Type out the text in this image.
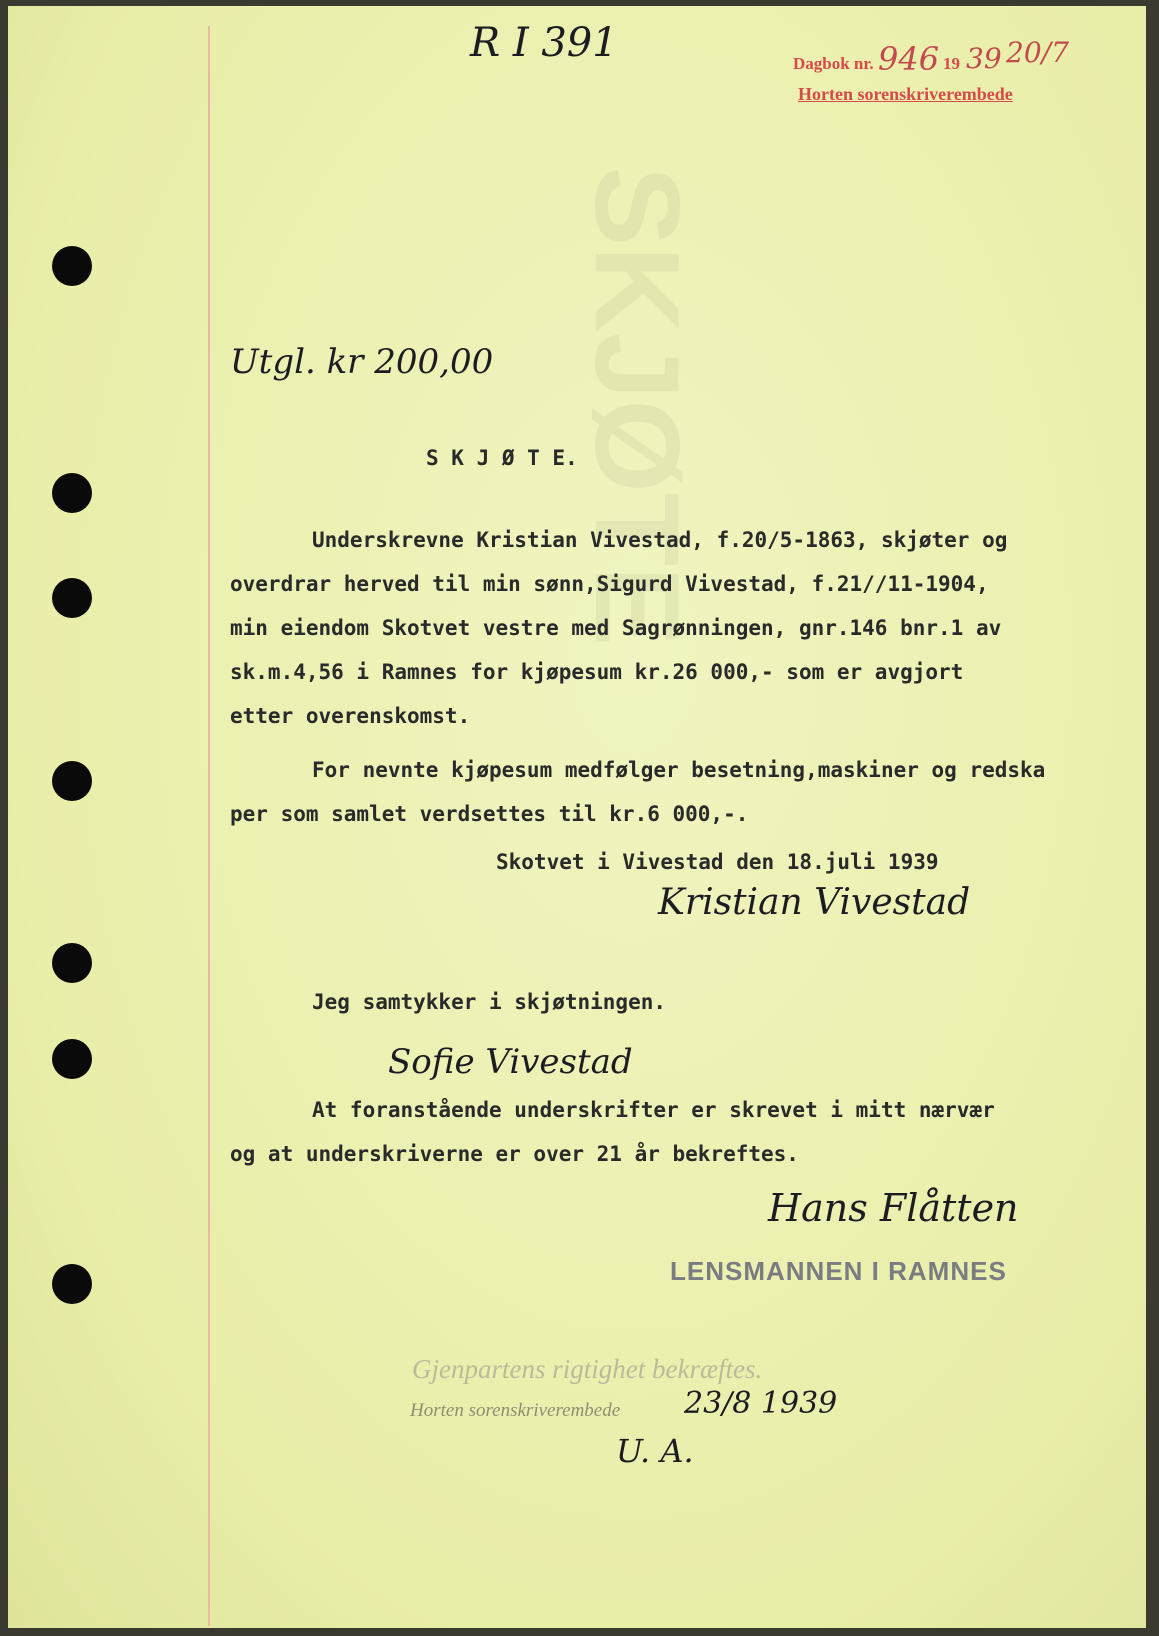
SKJØTE
R I 391	Dagbok nr. 946 19 39 20/7
Horten sorenskriverembede
Utgl. kr 200,00
S K J Ø T E.
Underskrevne Kristian Vivestad, f.20/5-1863, skjøter og
overdrar herved til min sønn,Sigurd Vivestad, f.21//11-1904,
min eiendom Skotvet vestre med Sagrønningen, gnr.146 bnr.1 av
sk.m.4,56 i Ramnes for kjøpesum kr.26 000,- som er avgjort
etter overenskomst.
For nevnte kjøpesum medfølger besetning,maskiner og redska
per som samlet verdsettes til kr.6 000,-.
Skotvet i Vivestad den 18.juli 1939
Kristian Vivestad
Jeg samtykker i skjøtningen.
Sofie Vivestad
At foranstående underskrifter er skrevet i mitt nærvær
og at underskriverne er over 21 år bekreftes.
Hans Flåtten
LENSMANNEN I RAMNES
Gjenpartens rigtighet bekræftes.
Horten sorenskriverembede 23/8 1939
U. A.
